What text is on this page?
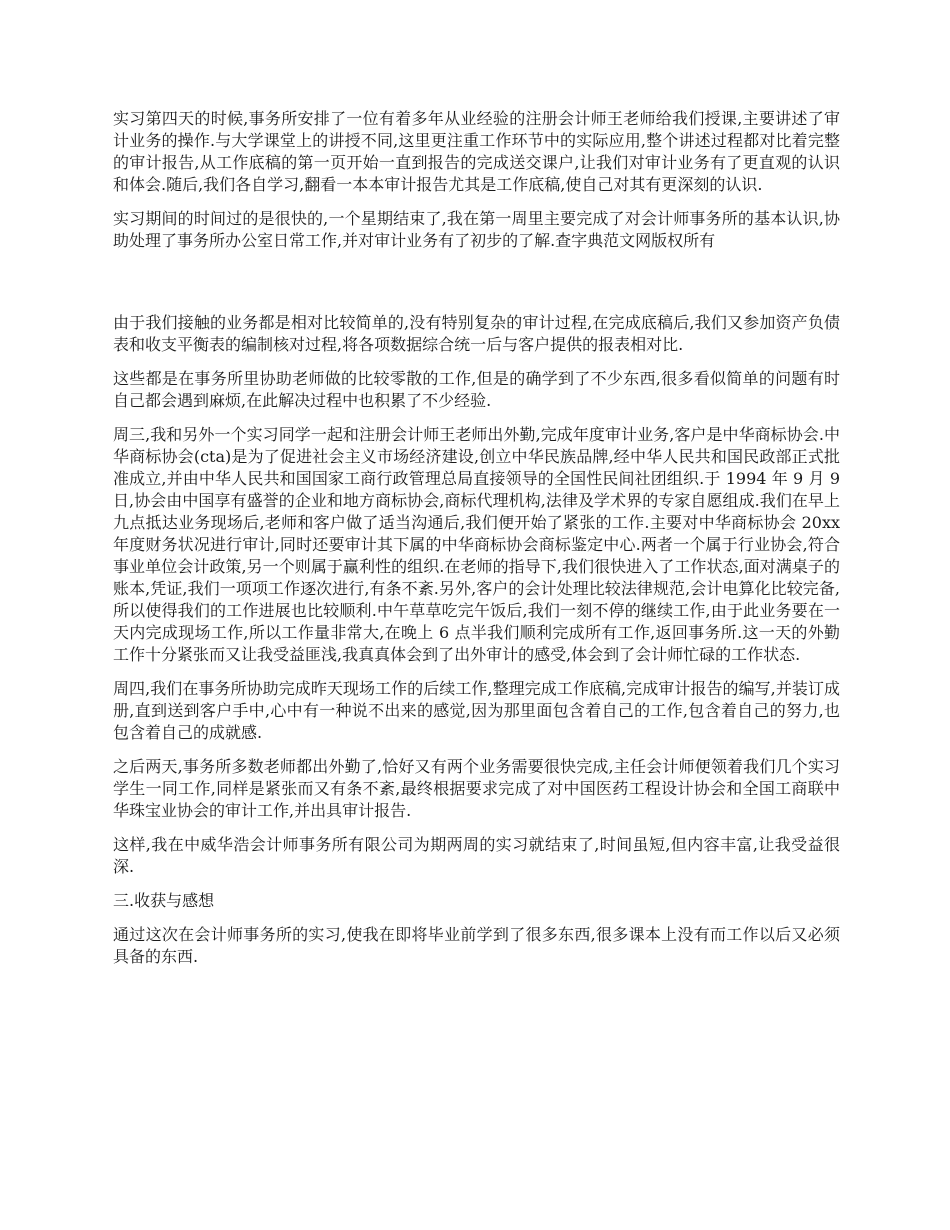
实习第四天的时候,事务所安排了一位有着多年从业经验的注册会计师王老师给我们授课,主要讲述了审计业务的操作.与大学课堂上的讲授不同,这里更注重工作环节中的实际应用,整个讲述过程都对比着完整的审计报告,从工作底稿的第一页开始一直到报告的完成送交课户,让我们对审计业务有了更直观的认识和体会.随后,我们各自学习,翻看一本本审计报告尤其是工作底稿,使自己对其有更深刻的认识.

实习期间的时间过的是很快的,一个星期结束了,我在第一周里主要完成了对会计师事务所的基本认识,协助处理了事务所办公室日常工作,并对审计业务有了初步的了解.查字典范文网版权所有

由于我们接触的业务都是相对比较简单的,没有特别复杂的审计过程,在完成底稿后,我们又参加资产负债表和收支平衡表的编制核对过程,将各项数据综合统一后与客户提供的报表相对比.

这些都是在事务所里协助老师做的比较零散的工作,但是的确学到了不少东西,很多看似简单的问题有时自己都会遇到麻烦,在此解决过程中也积累了不少经验.

周三,我和另外一个实习同学一起和注册会计师王老师出外勤,完成年度审计业务,客户是中华商标协会.中华商标协会(cta)是为了促进社会主义市场经济建设,创立中华民族品牌,经中华人民共和国民政部正式批准成立,并由中华人民共和国国家工商行政管理总局直接领导的全国性民间社团组织.于 1994 年 9 月 9 日,协会由中国享有盛誉的企业和地方商标协会,商标代理机构,法律及学术界的专家自愿组成.我们在早上九点抵达业务现场后,老师和客户做了适当沟通后,我们便开始了紧张的工作.主要对中华商标协会 20xx 年度财务状况进行审计,同时还要审计其下属的中华商标协会商标鉴定中心.两者一个属于行业协会,符合事业单位会计政策,另一个则属于赢利性的组织.在老师的指导下,我们很快进入了工作状态,面对满桌子的账本,凭证,我们一项项工作逐次进行,有条不紊.另外,客户的会计处理比较法律规范,会计电算化比较完备,所以使得我们的工作进展也比较顺利.中午草草吃完午饭后,我们一刻不停的继续工作,由于此业务要在一天内完成现场工作,所以工作量非常大,在晚上 6 点半我们顺利完成所有工作,返回事务所.这一天的外勤工作十分紧张而又让我受益匪浅,我真真体会到了出外审计的感受,体会到了会计师忙碌的工作状态.

周四,我们在事务所协助完成昨天现场工作的后续工作,整理完成工作底稿,完成审计报告的编写,并装订成册,直到送到客户手中,心中有一种说不出来的感觉,因为那里面包含着自己的工作,包含着自己的努力,也包含着自己的成就感.

之后两天,事务所多数老师都出外勤了,恰好又有两个业务需要很快完成,主任会计师便领着我们几个实习学生一同工作,同样是紧张而又有条不紊,最终根据要求完成了对中国医药工程设计协会和全国工商联中华珠宝业协会的审计工作,并出具审计报告.

这样,我在中威华浩会计师事务所有限公司为期两周的实习就结束了,时间虽短,但内容丰富,让我受益很深.

三.收获与感想

通过这次在会计师事务所的实习,使我在即将毕业前学到了很多东西,很多课本上没有而工作以后又必须具备的东西.
